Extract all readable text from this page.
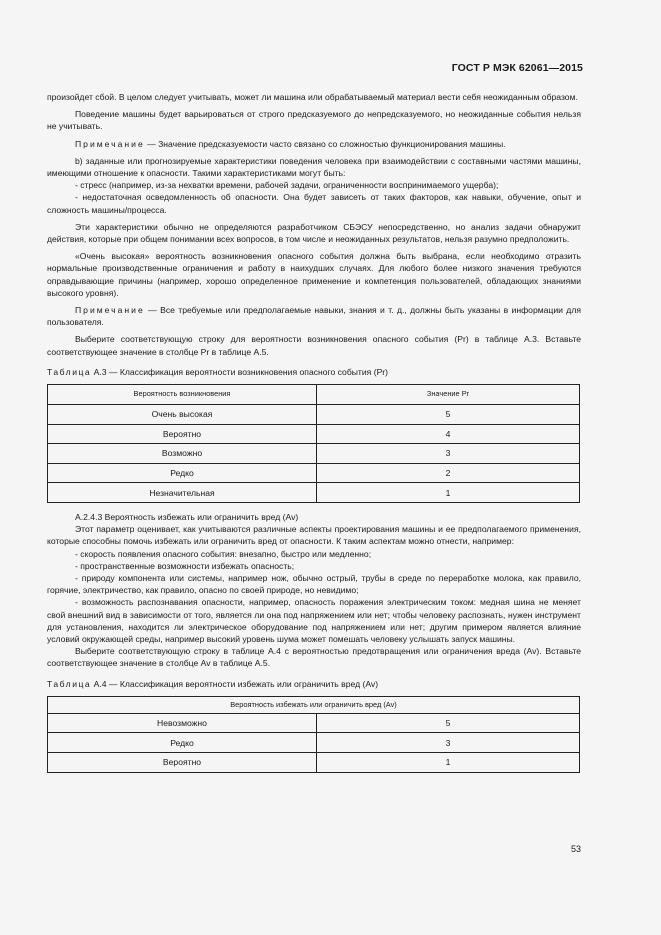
ГОСТ Р МЭК 62061—2015

произойдет сбой. В целом следует учитывать, может ли машина или обрабатываемый материал вести себя неожиданным образом.

Поведение машины будет варьироваться от строго предсказуемого до непредсказуемого, но неожиданные события нельзя не учитывать.

Примечание — Значение предсказуемости часто связано со сложностью функционирования машины.

b) заданные или прогнозируемые характеристики поведения человека при взаимодействии с составными частями машины, имеющими отношение к опасности. Такими характеристиками могут быть:

- стресс (например, из-за нехватки времени, рабочей задачи, ограниченности воспринимаемого ущерба);

- недостаточная осведомленность об опасности. Она будет зависеть от таких факторов, как навыки, обучение, опыт и сложность машины/процесса.

Эти характеристики обычно не определяются разработчиком СБЭСУ непосредственно, но анализ задачи обнаружит действия, которые при общем понимании всех вопросов, в том числе и неожиданных результатов, нельзя разумно предположить.

«Очень высокая» вероятность возникновения опасного события должна быть выбрана, если необходимо отразить нормальные производственные ограничения и работу в наихудших случаях. Для любого более низкого значения требуются оправдывающие причины (например, хорошо определенное применение и компетенция пользователей, обладающих знаниями высокого уровня).

Примечание — Все требуемые или предполагаемые навыки, знания и т. д., должны быть указаны в информации для пользователя.

Выберите соответствующую строку для вероятности возникновения опасного события (Pr) в таблице А.3. Вставьте соответствующее значение в столбце Pr в таблице А.5.

Таблица А.3 — Классификация вероятности возникновения опасного события (Pr)

Вероятность возникновения	Значение Pr
Очень высокая	5
Вероятно	4
Возможно	3
Редко	2
Незначительная	1

А.2.4.3 Вероятность избежать или ограничить вред (Av)

Этот параметр оценивает, как учитываются различные аспекты проектирования машины и ее предполагаемого применения, которые способны помочь избежать или ограничить вред от опасности. К таким аспектам можно отнести, например:

- скорость появления опасного события: внезапно, быстро или медленно;

- пространственные возможности избежать опасность;

- природу компонента или системы, например нож, обычно острый, трубы в среде по переработке молока, как правило, горячие, электричество, как правило, опасно по своей природе, но невидимо;

- возможность распознавания опасности, например, опасность поражения электрическим током: медная шина не меняет свой внешний вид в зависимости от того, является ли она под напряжением или нет; чтобы человеку распознать, нужен инструмент для установления, находится ли электрическое оборудование под напряжением или нет; другим примером является влияние условий окружающей среды, например высокий уровень шума может помешать человеку услышать запуск машины.

Выберите соответствующую строку в таблице А.4 с вероятностью предотвращения или ограничения вреда (Av). Вставьте соответствующее значение в столбце Av в таблице А.5.

Таблица А.4 — Классификация вероятности избежать или ограничить вред (Av)

Вероятность избежать или ограничить вред (Av)	
Невозможно	5
Редко	3
Вероятно	1
53
